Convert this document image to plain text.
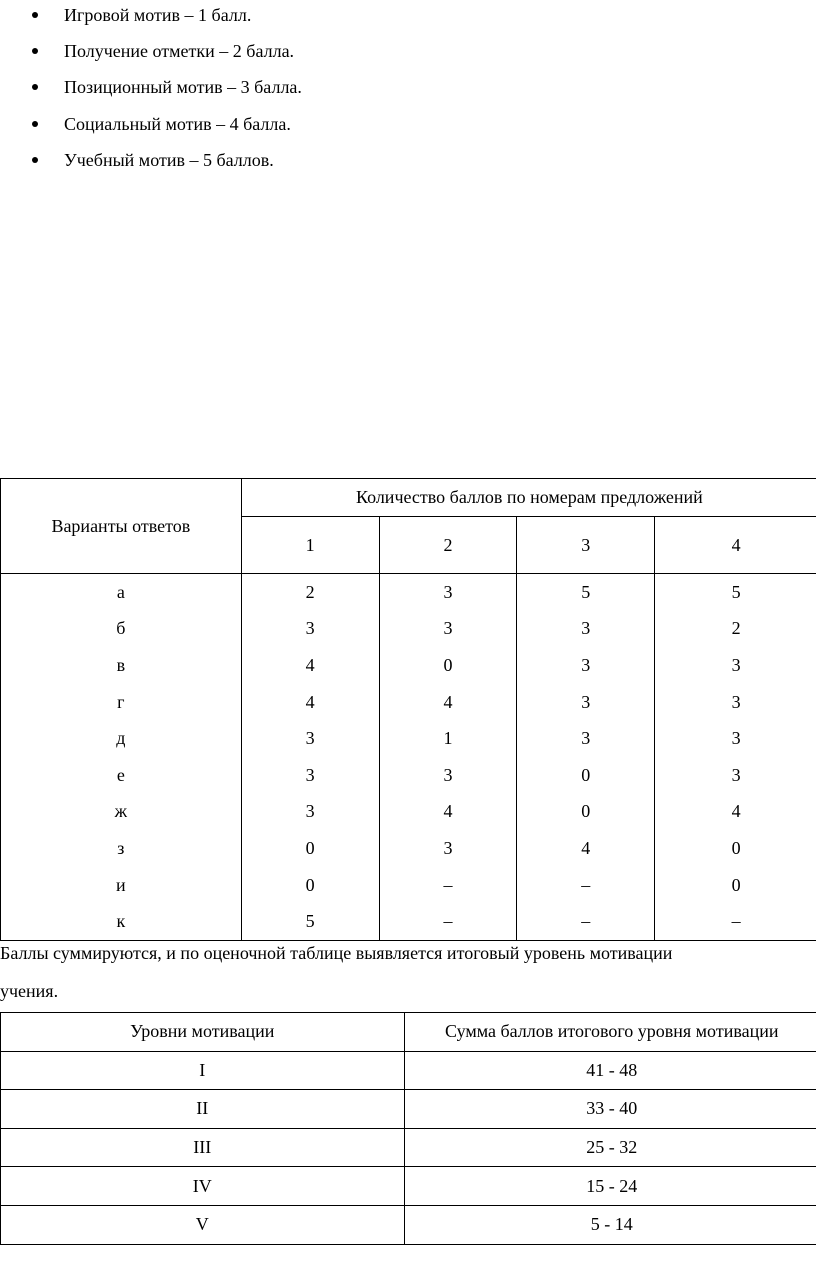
Игровой мотив – 1 балл.
Получение отметки – 2 балла.
Позиционный мотив – 3 балла.
Социальный мотив – 4 балла.
Учебный мотив – 5 баллов.
Варианты ответов	Количество баллов по номерам предложений			
	1	2	3	4
а	2	3	5	5
б	3	3	3	2
в	4	0	3	3
г	4	4	3	3
д	3	1	3	3
е	3	3	0	3
ж	3	4	0	4
з	0	3	4	0
и	0	–	–	0
к	5	–	–	–
Баллы суммируются, и по оценочной таблице выявляется итоговый уровень мотивации
учения.
Уровни мотивации	Сумма баллов итогового уровня мотивации
I	41 - 48
II	33 - 40
III	25 - 32
IV	15 - 24
V	5 - 14
